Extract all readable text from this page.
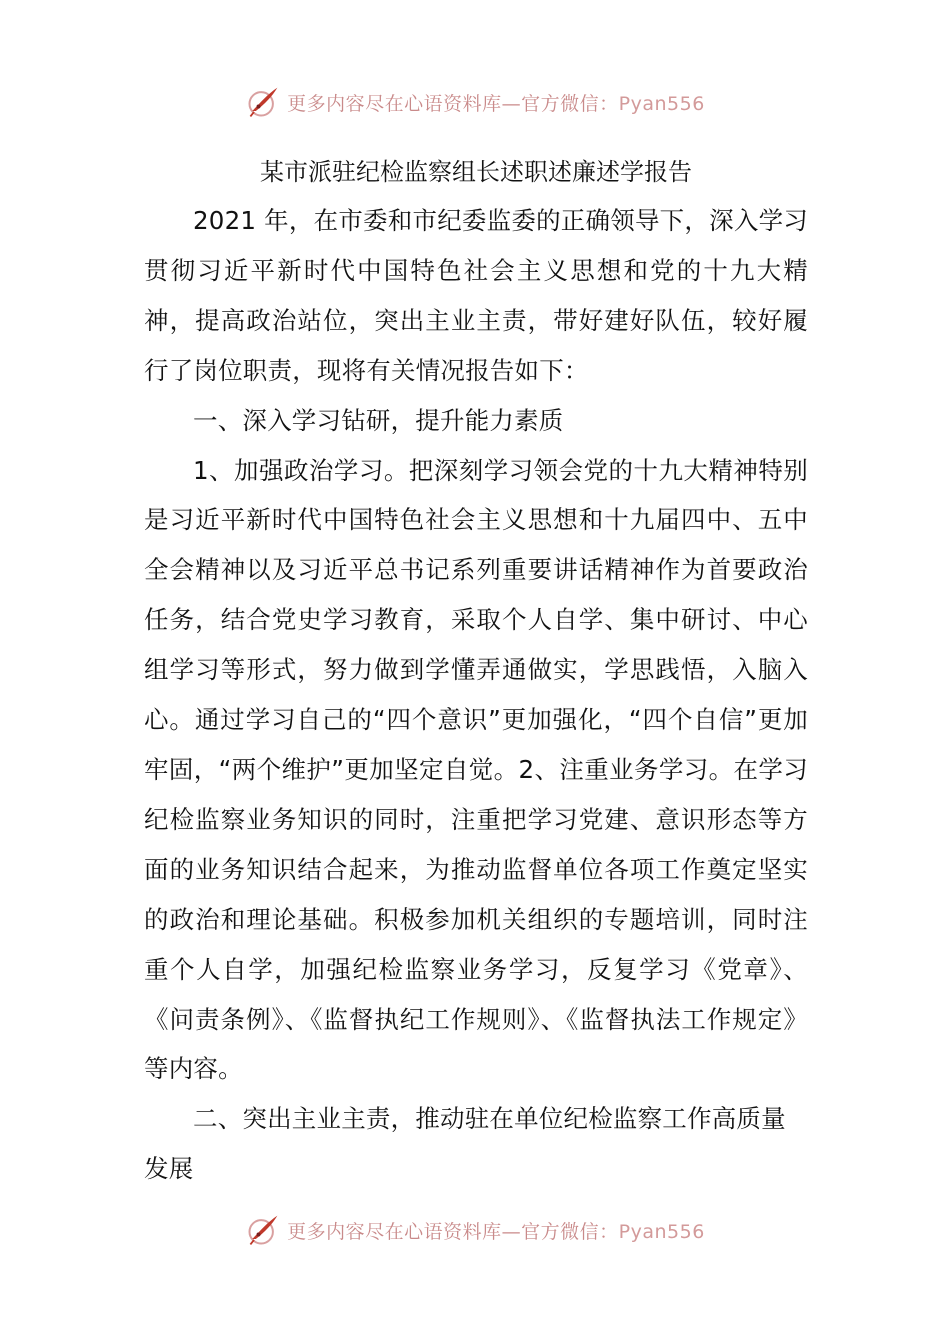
更多内容尽在心语资料库—官方微信：Pyan556
某市派驻纪检监察组长述职述廉述学报告

2021 年，在市委和市纪委监委的正确领导下，深入学习贯彻习近平新时代中国特色社会主义思想和党的十九大精神，提高政治站位，突出主业主责，带好建好队伍，较好履行了岗位职责，现将有关情况报告如下：

一、深入学习钻研，提升能力素质

1、加强政治学习。把深刻学习领会党的十九大精神特别是习近平新时代中国特色社会主义思想和十九届四中、五中全会精神以及习近平总书记系列重要讲话精神作为首要政治任务，结合党史学习教育，采取个人自学、集中研讨、中心组学习等形式，努力做到学懂弄通做实，学思践悟，入脑入心。通过学习自己的“四个意识”更加强化，“四个自信”更加牢固，“两个维护”更加坚定自觉。2、注重业务学习。在学习纪检监察业务知识的同时，注重把学习党建、意识形态等方面的业务知识结合起来，为推动监督单位各项工作奠定坚实的政治和理论基础。积极参加机关组织的专题培训，同时注重个人自学，加强纪检监察业务学习，反复学习《党章》、《问责条例》、《监督执纪工作规则》、《监督执法工作规定》等内容。

二、突出主业主责，推动驻在单位纪检监察工作高质量发展

更多内容尽在心语资料库—官方微信：Pyan556
